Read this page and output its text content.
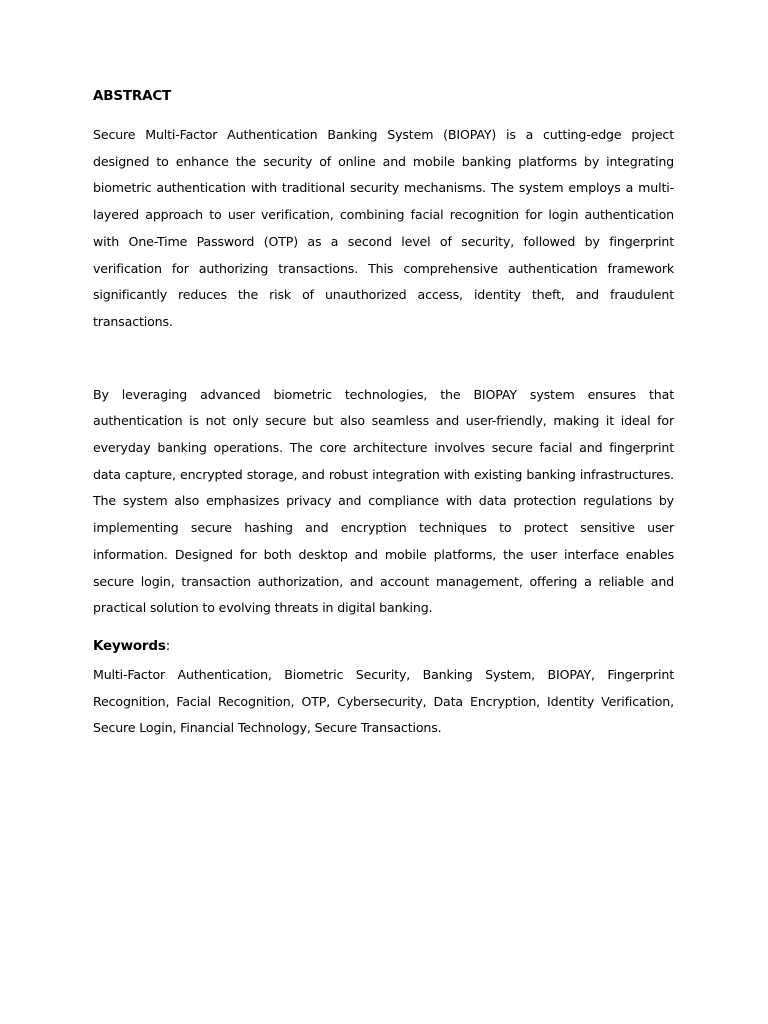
ABSTRACT

Secure Multi-Factor Authentication Banking System (BIOPAY) is a cutting-edge project designed to enhance the security of online and mobile banking platforms by integrating biometric authentication with traditional security mechanisms. The system employs a multi-layered approach to user verification, combining facial recognition for login authentication with One-Time Password (OTP) as a second level of security, followed by fingerprint verification for authorizing transactions. This comprehensive authentication framework significantly reduces the risk of unauthorized access, identity theft, and fraudulent transactions.

By leveraging advanced biometric technologies, the BIOPAY system ensures that authentication is not only secure but also seamless and user-friendly, making it ideal for everyday banking operations. The core architecture involves secure facial and fingerprint data capture, encrypted storage, and robust integration with existing banking infrastructures. The system also emphasizes privacy and compliance with data protection regulations by implementing secure hashing and encryption techniques to protect sensitive user information. Designed for both desktop and mobile platforms, the user interface enables secure login, transaction authorization, and account management, offering a reliable and practical solution to evolving threats in digital banking.

Keywords:

Multi-Factor Authentication, Biometric Security, Banking System, BIOPAY, Fingerprint Recognition, Facial Recognition, OTP, Cybersecurity, Data Encryption, Identity Verification, Secure Login, Financial Technology, Secure Transactions.
